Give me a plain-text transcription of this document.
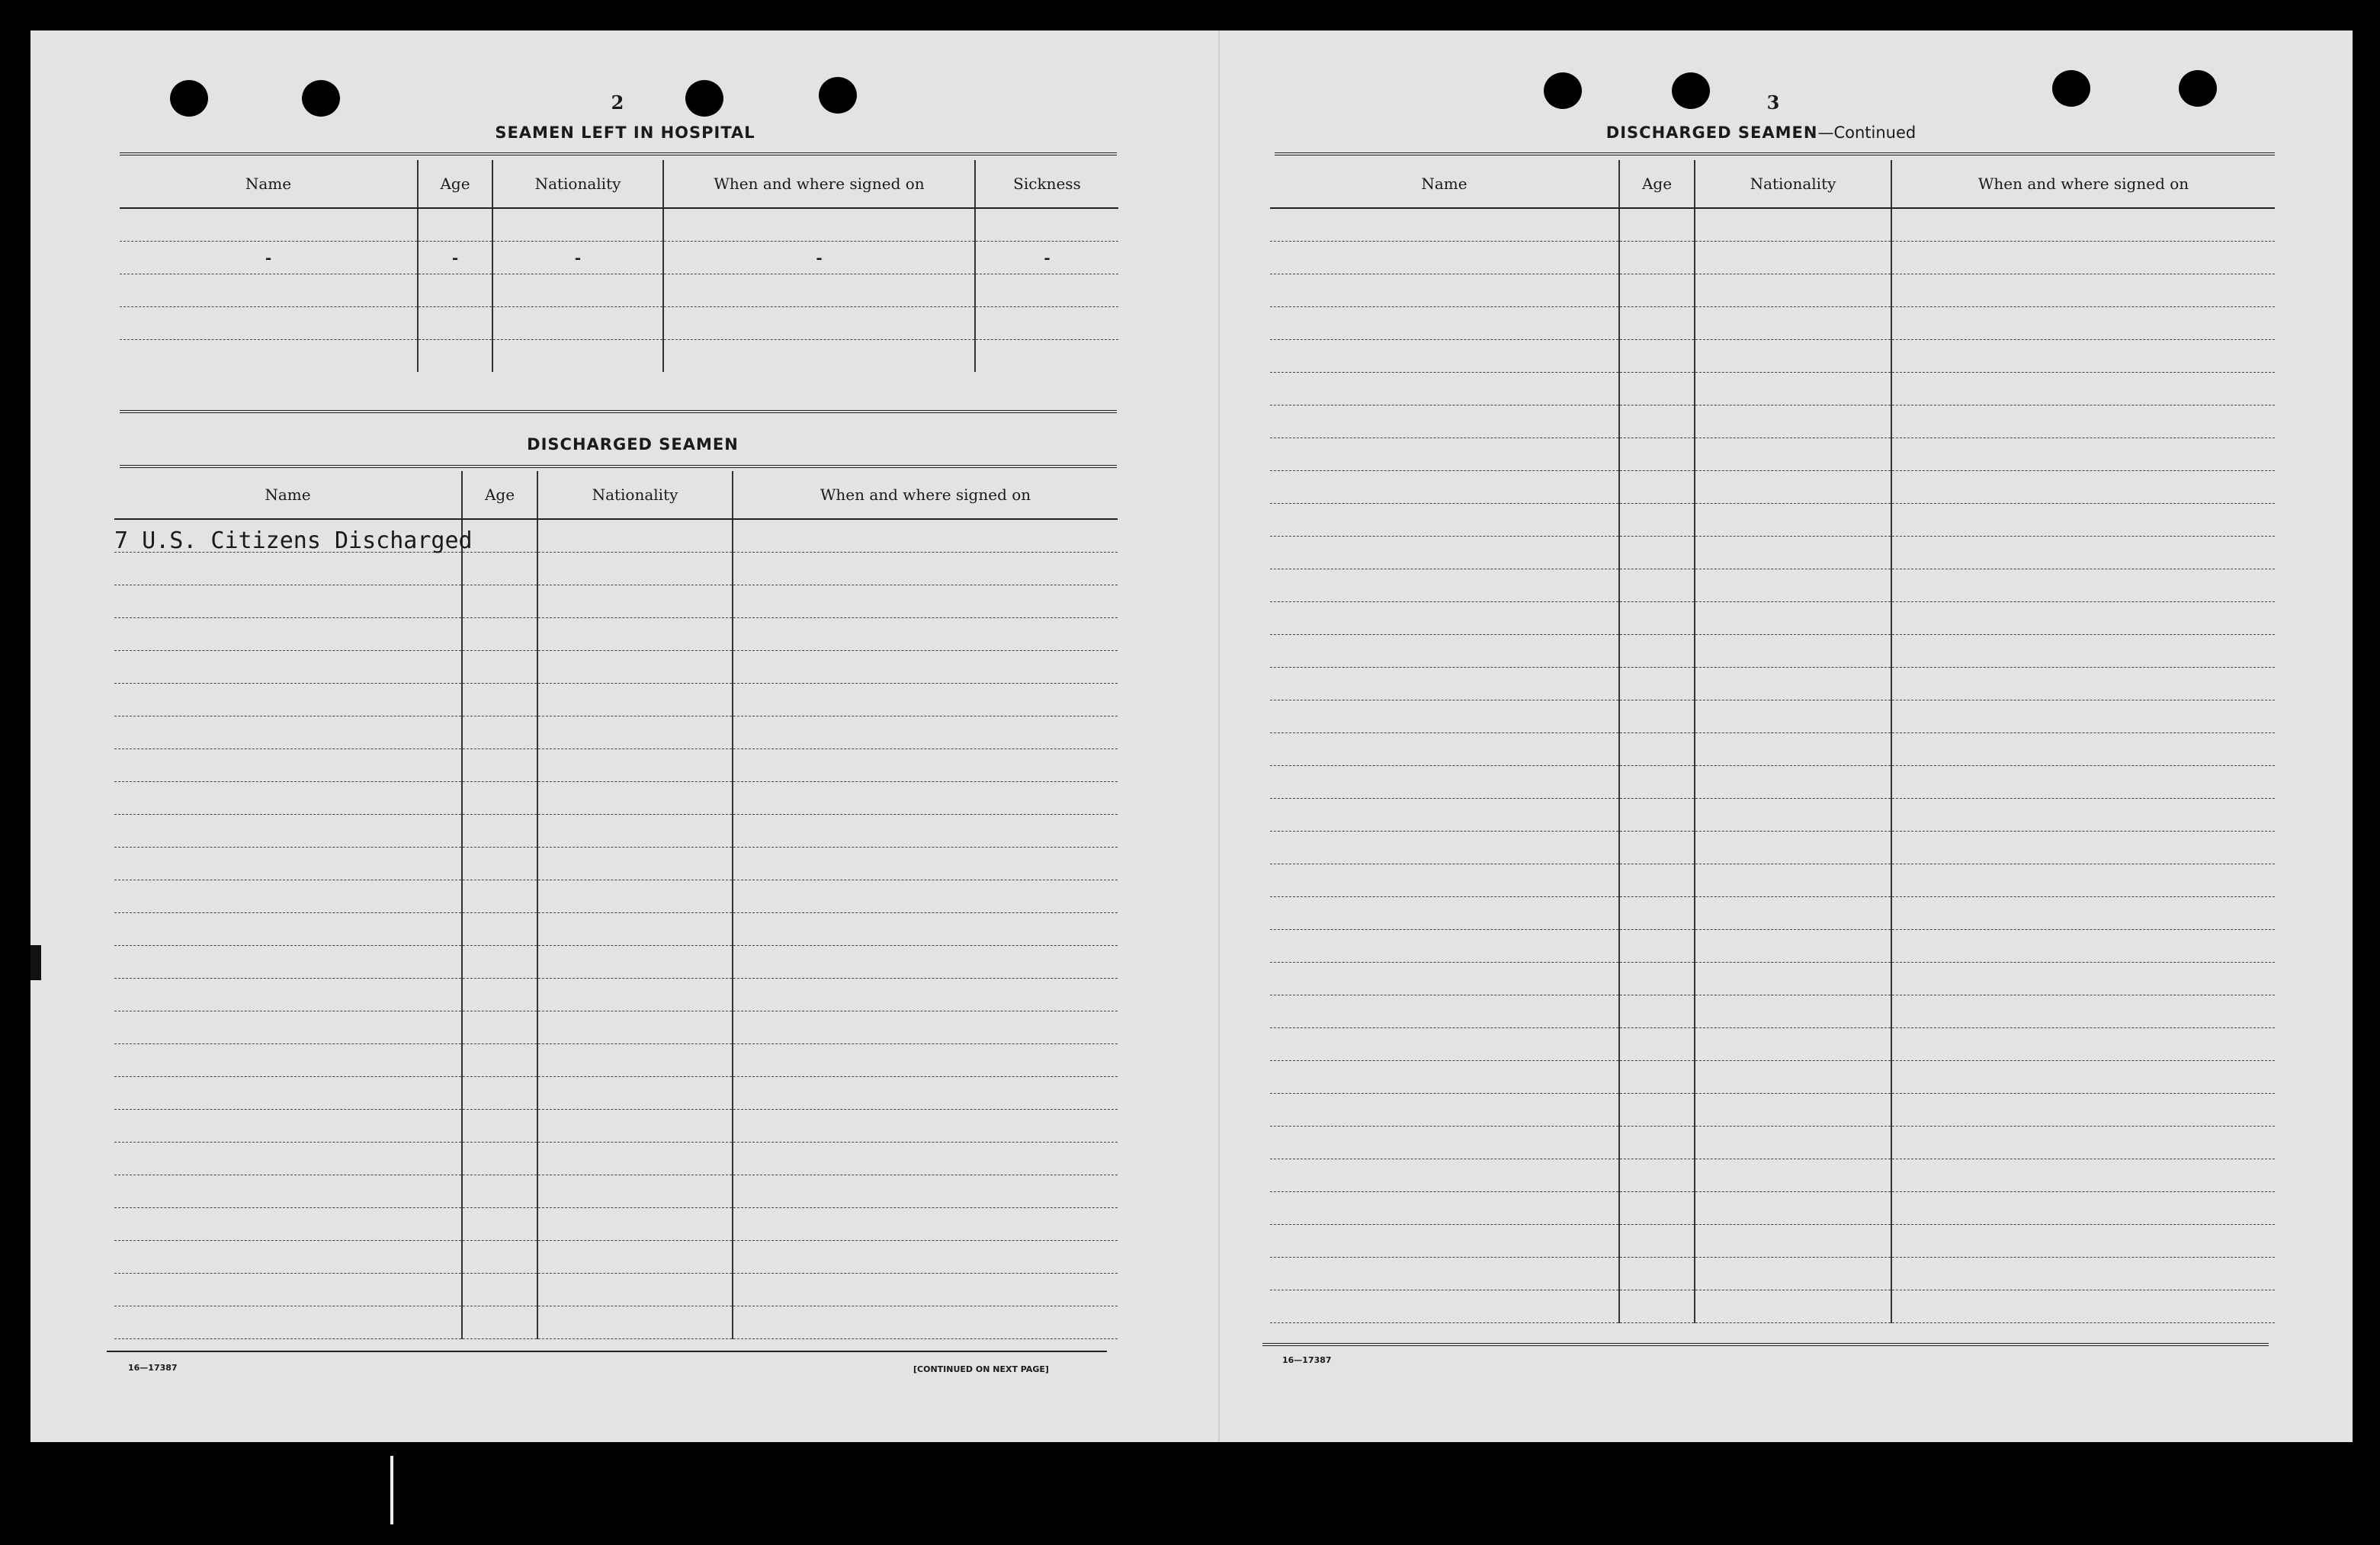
2
SEAMEN LEFT IN HOSPITAL
Name	Age	Nationality	When and where signed on	Sickness

-	-	-	-	-

DISCHARGED SEAMEN
Name	Age	Nationality	When and where signed on
7 U.S. Citizens Discharged			

16—17387	[CONTINUED ON NEXT PAGE]
3
DISCHARGED SEAMEN—Continued
Name	Age	Nationality	When and where signed on

16—17387
